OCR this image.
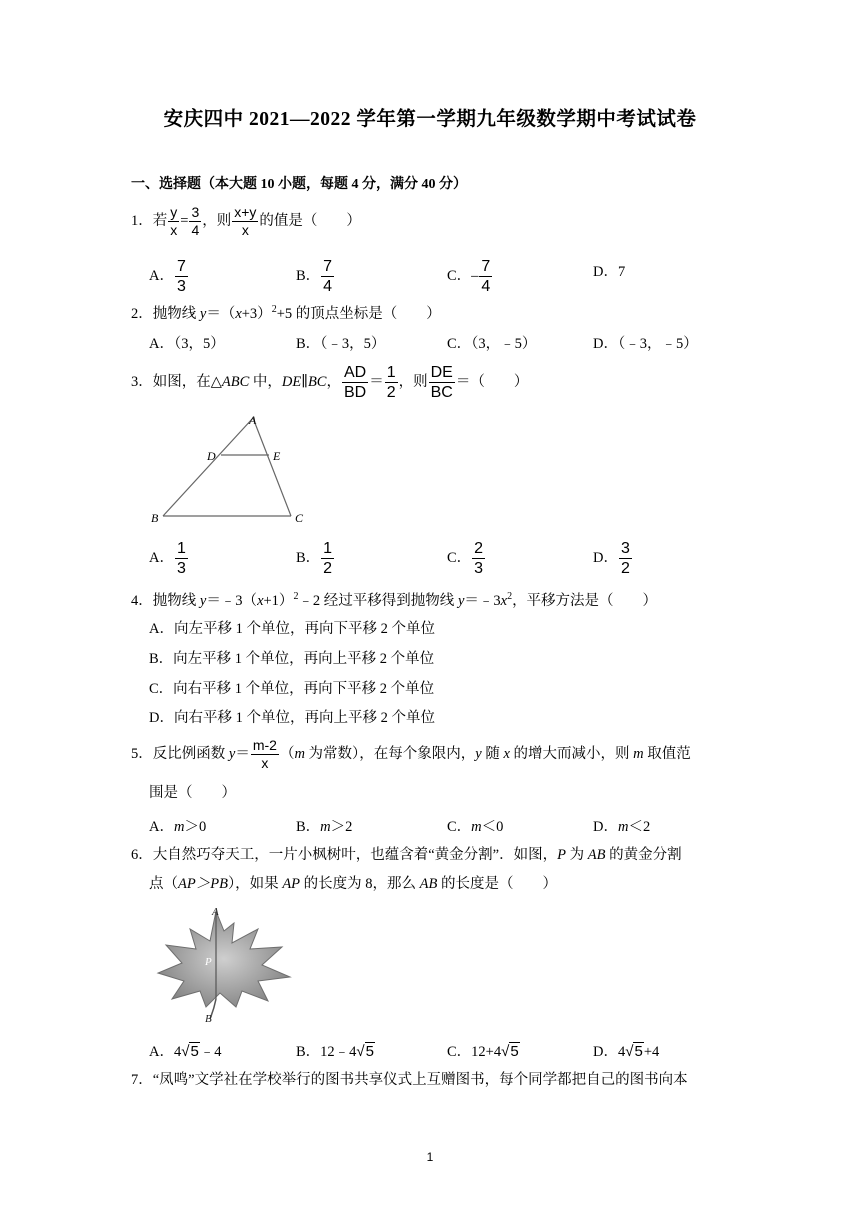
安庆四中 2021—2022 学年第一学期九年级数学期中考试试卷
一、选择题（本大题 10 小题，每题 4 分，满分 40 分）
1．若 $\frac{y}{x} = \frac{3}{4}$ ，则 $\frac{x+y}{x}$ 的值是（　　）
A． $\frac{7}{3}$	B． $\frac{7}{4}$	C．– $\frac{7}{4}$	D．7
2．抛物线 $y=(x+3)^2+5$ 的顶点坐标是（　　）
A．（3，5）	B．（﹣3，5）	C．（3，﹣5）	D．（﹣3，﹣5）
3．如图，在△ABC 中，DE∥BC， $\frac{AD}{BD} = \frac{1}{2}$ ，则 $\frac{DE}{BC}$ ＝（　　）
A
D	E
B	C
A． $\frac{1}{3}$	B． $\frac{1}{2}$	C． $\frac{2}{3}$	D． $\frac{3}{2}$
4．抛物线 $y=﹣3(x+1)^2﹣2$ 经过平移得到抛物线 $y=﹣3x^2$，平移方法是（　　）
A．向左平移 1 个单位，再向下平移 2 个单位
B．向左平移 1 个单位，再向上平移 2 个单位
C．向右平移 1 个单位，再向下平移 2 个单位
D．向右平移 1 个单位，再向上平移 2 个单位
5．反比例函数 $y= \frac{m-2}{x} (m$ 为常数），在每个象限内，y 随 x 的增大而减小，则 m 取值范
围是（　　）
A．m＞0	B．m＞2	C．m＜0	D．m＜2
6．大自然巧夺天工，一片小枫树叶，也蕴含着“黄金分割”．如图，P 为 AB 的黄金分割
点（AP＞PB），如果 AP 的长度为 8，那么 AB 的长度是（　　）
A
P
B
A．4√5﹣4	B．12﹣4√5	C．12+4√5	D．4√5+4
7．“凤鸣”文学社在学校举行的图书共享仪式上互赠图书，每个同学都把自己的图书向本
1
